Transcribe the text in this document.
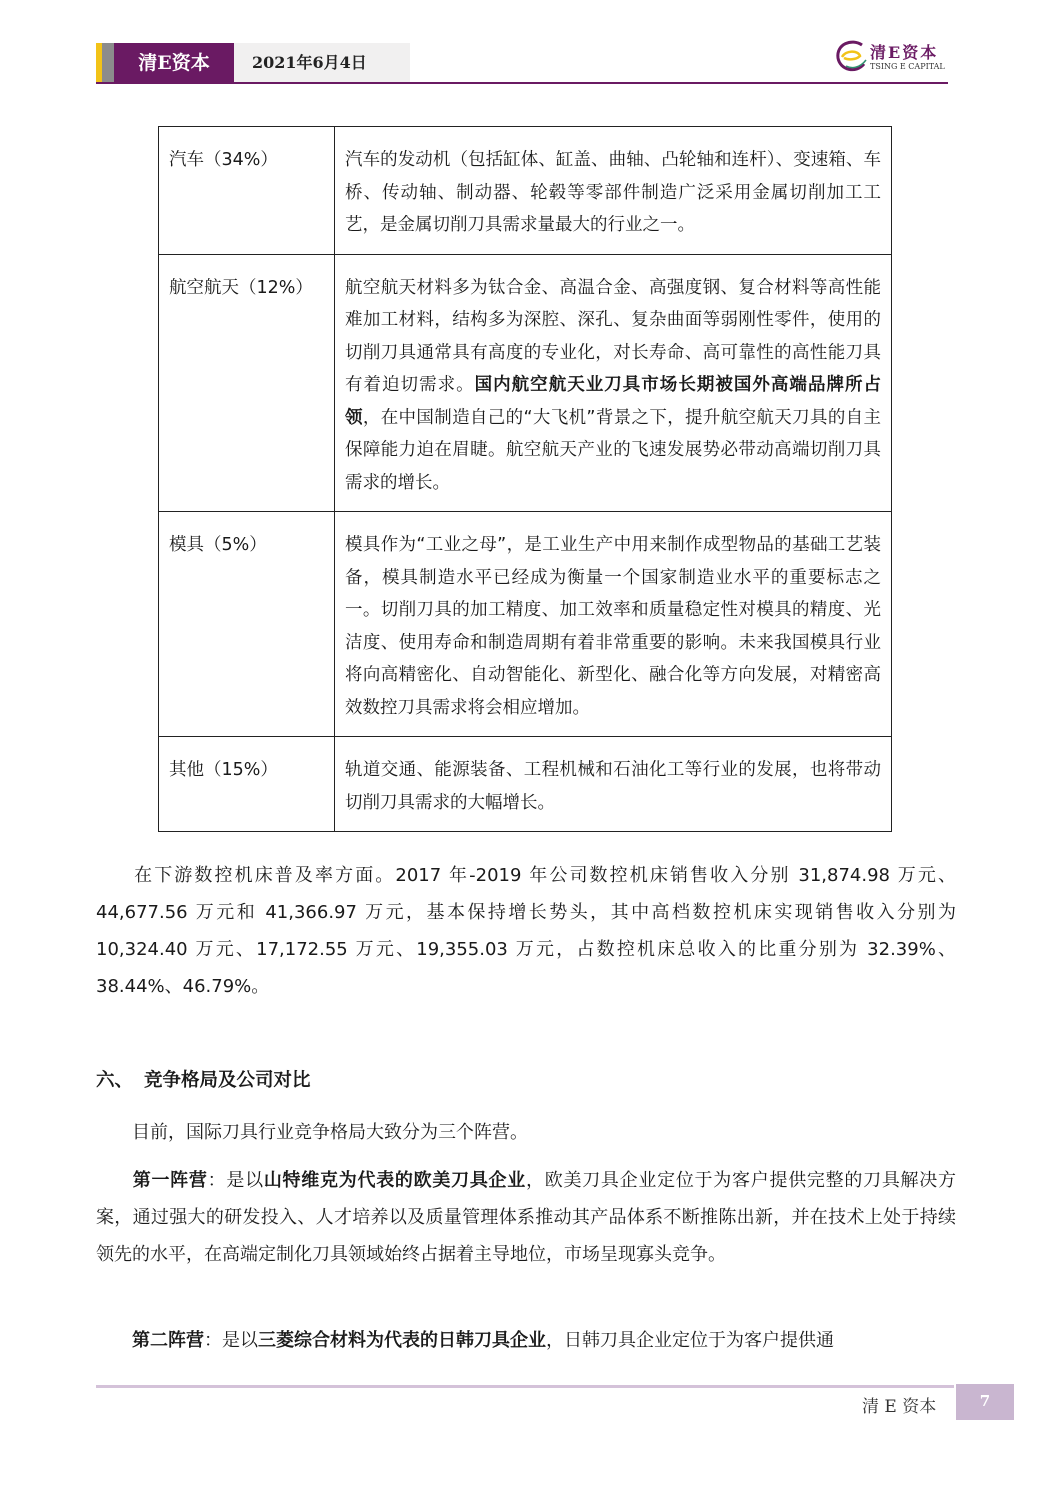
清E资本	2021年6月4日
清E资本
TSING E CAPITAL
汽车（34%）	汽车的发动机（包括缸体、缸盖、曲轴、凸轮轴和连杆）、变速箱、车桥、传动轴、制动器、轮毂等零部件制造广泛采用金属切削加工工艺，是金属切削刀具需求量最大的行业之一。
航空航天（12%）	航空航天材料多为钛合金、高温合金、高强度钢、复合材料等高性能难加工材料，结构多为深腔、深孔、复杂曲面等弱刚性零件，使用的切削刀具通常具有高度的专业化，对长寿命、高可靠性的高性能刀具有着迫切需求。国内航空航天业刀具市场长期被国外高端品牌所占领，在中国制造自己的“大飞机”背景之下，提升航空航天刀具的自主保障能力迫在眉睫。航空航天产业的飞速发展势必带动高端切削刀具需求的增长。
模具（5%）	模具作为“工业之母”，是工业生产中用来制作成型物品的基础工艺装备，模具制造水平已经成为衡量一个国家制造业水平的重要标志之一。切削刀具的加工精度、加工效率和质量稳定性对模具的精度、光洁度、使用寿命和制造周期有着非常重要的影响。未来我国模具行业将向高精密化、自动智能化、新型化、融合化等方向发展，对精密高效数控刀具需求将会相应增加。
其他（15%）	轨道交通、能源装备、工程机械和石油化工等行业的发展，也将带动切削刀具需求的大幅增长。

在下游数控机床普及率方面。2017 年-2019 年公司数控机床销售收入分别 31,874.98 万元、44,677.56 万元和 41,366.97 万元，基本保持增长势头，其中高档数控机床实现销售收入分别为 10,324.40 万元、17,172.55 万元、19,355.03 万元，占数控机床总收入的比重分别为 32.39%、38.44%、46.79%。

六、 竞争格局及公司对比

目前，国际刀具行业竞争格局大致分为三个阵营。

第一阵营：是以山特维克为代表的欧美刀具企业，欧美刀具企业定位于为客户提供完整的刀具解决方案，通过强大的研发投入、人才培养以及质量管理体系推动其产品体系不断推陈出新，并在技术上处于持续领先的水平，在高端定制化刀具领域始终占据着主导地位，市场呈现寡头竞争。

第二阵营：是以三菱综合材料为代表的日韩刀具企业，日韩刀具企业定位于为客户提供通

清 E 资本	7
